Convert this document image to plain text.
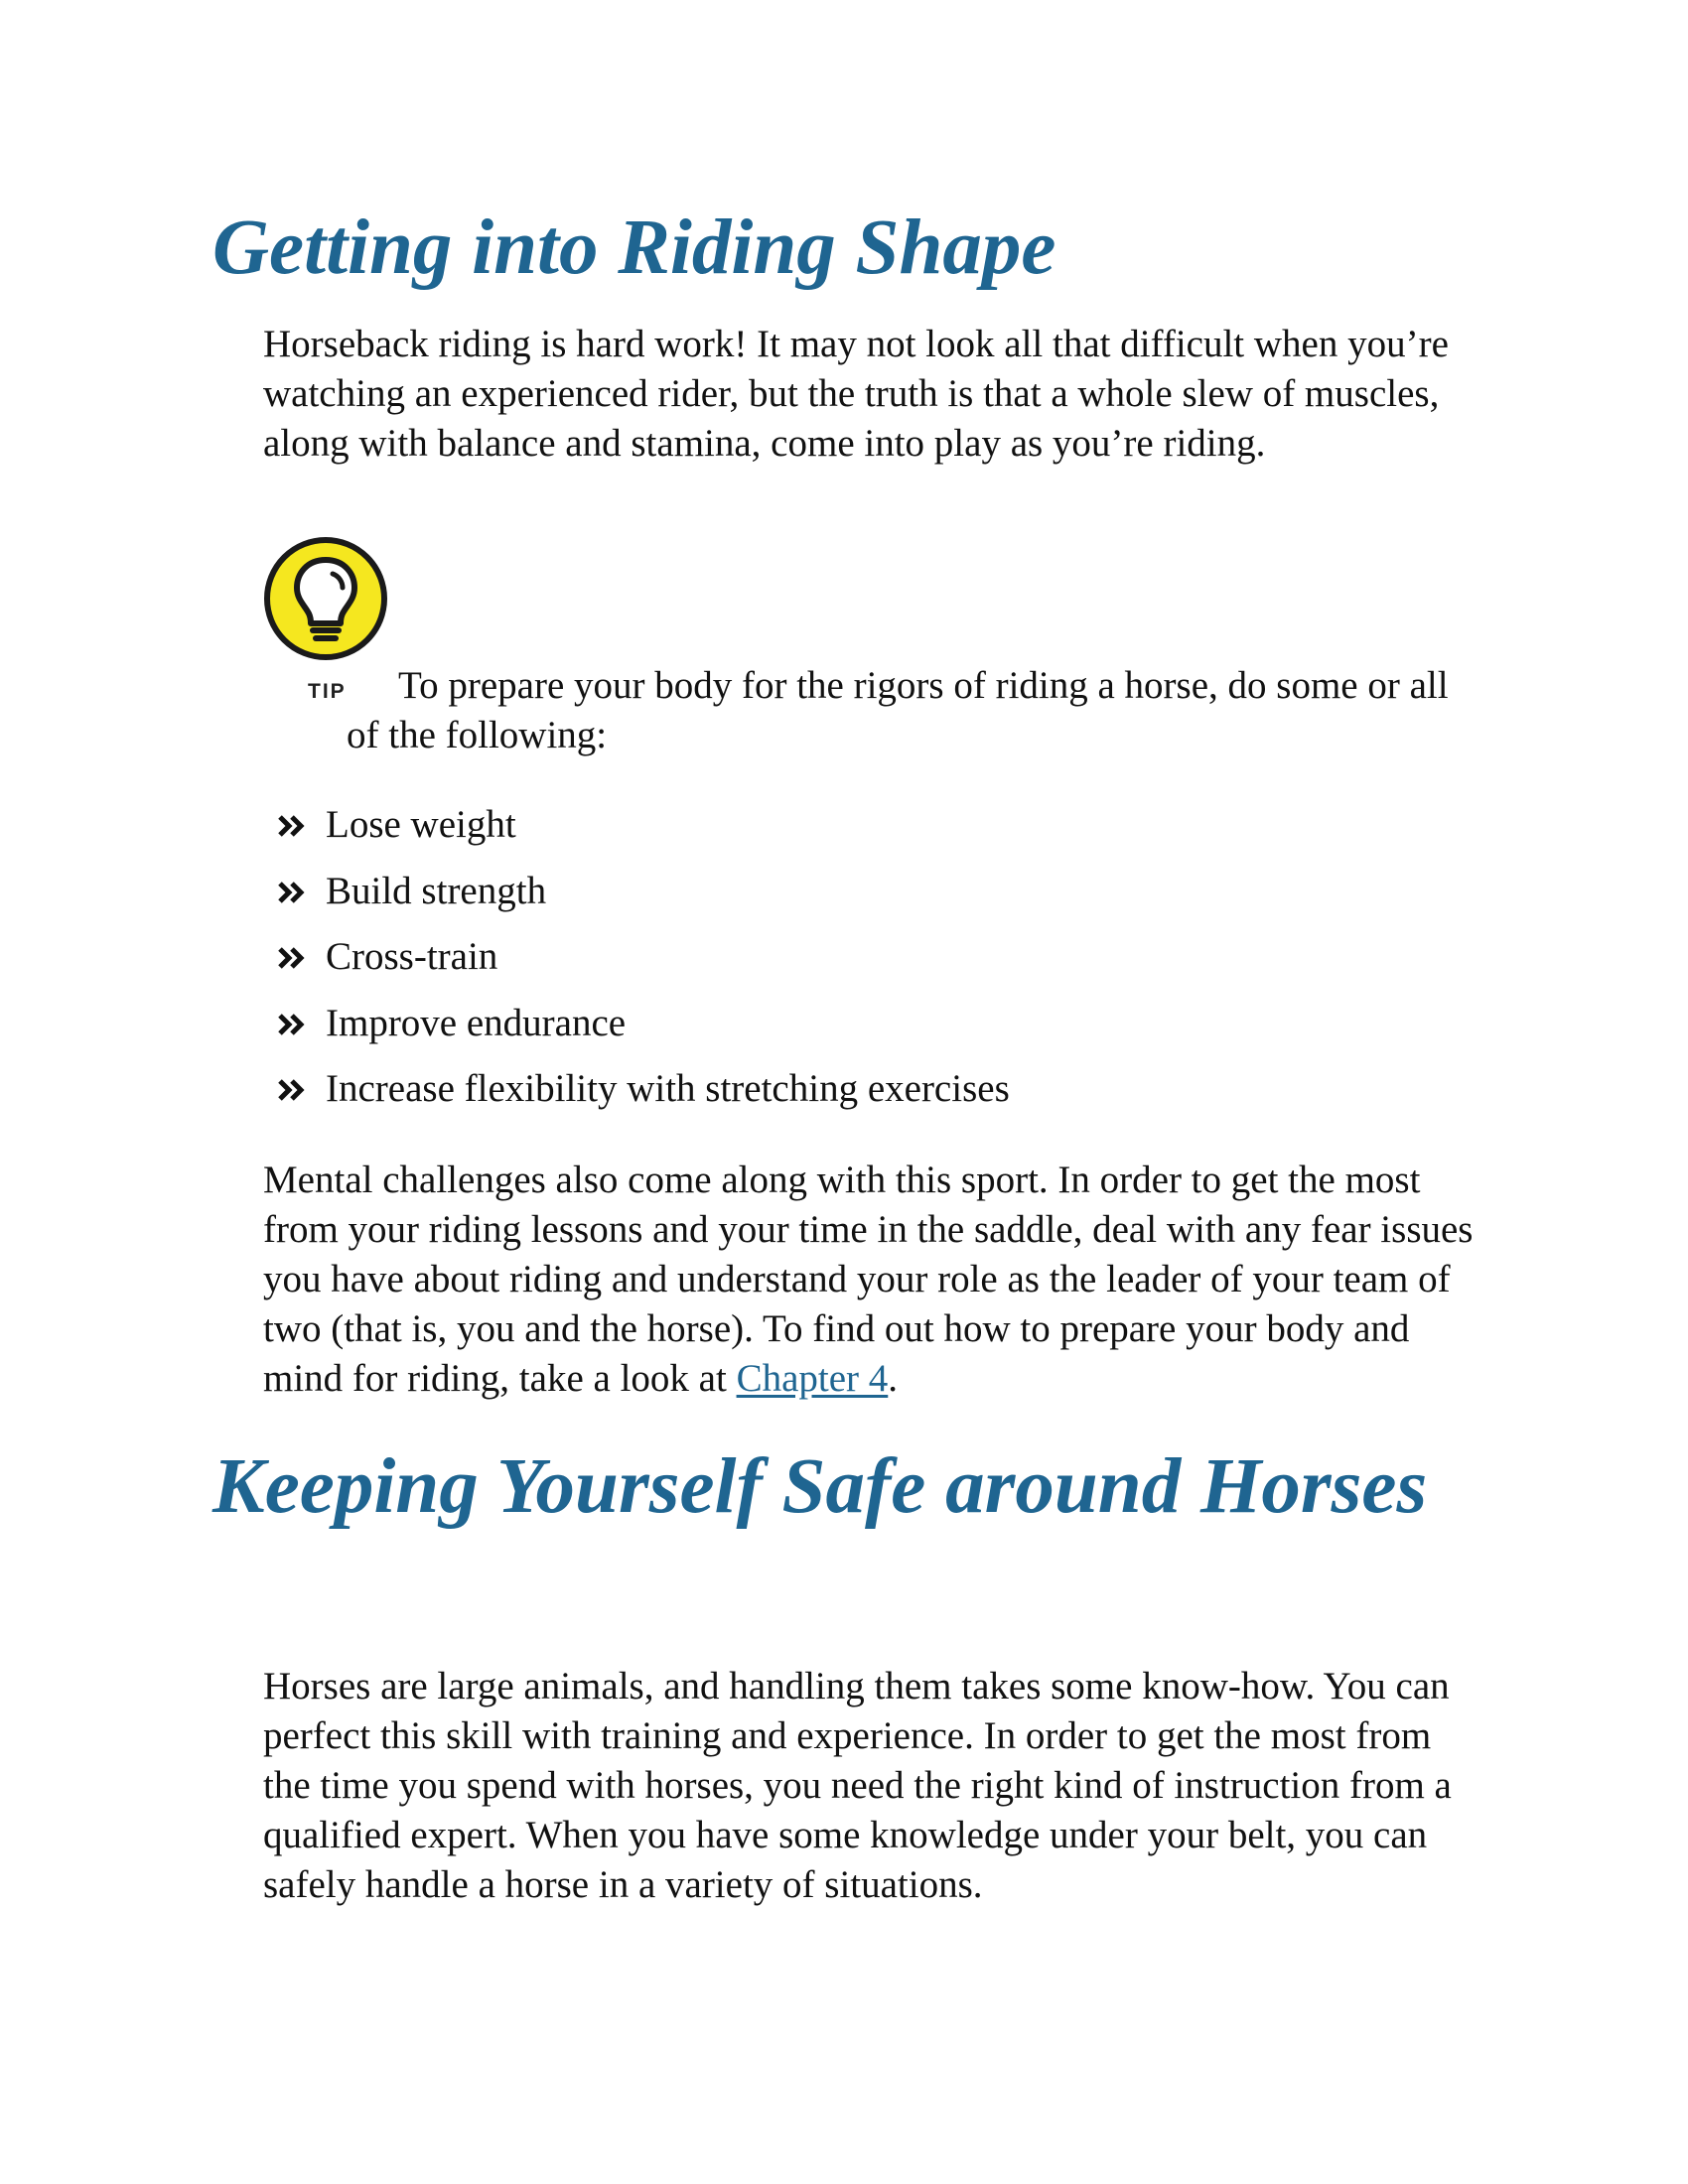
Getting into Riding Shape

Horseback riding is hard work! It may not look all that difficult when you’re watching an experienced rider, but the truth is that a whole slew of muscles, along with balance and stamina, come into play as you’re riding.

TIP	To prepare your body for the rigors of riding a horse, do some or all of the following:

Lose weight
Build strength
Cross-train
Improve endurance
Increase flexibility with stretching exercises

Mental challenges also come along with this sport. In order to get the most from your riding lessons and your time in the saddle, deal with any fear issues you have about riding and understand your role as the leader of your team of two (that is, you and the horse). To find out how to prepare your body and mind for riding, take a look at Chapter 4.

Keeping Yourself Safe around Horses

Horses are large animals, and handling them takes some know-how. You can perfect this skill with training and experience. In order to get the most from the time you spend with horses, you need the right kind of instruction from a qualified expert. When you have some knowledge under your belt, you can safely handle a horse in a variety of situations.
